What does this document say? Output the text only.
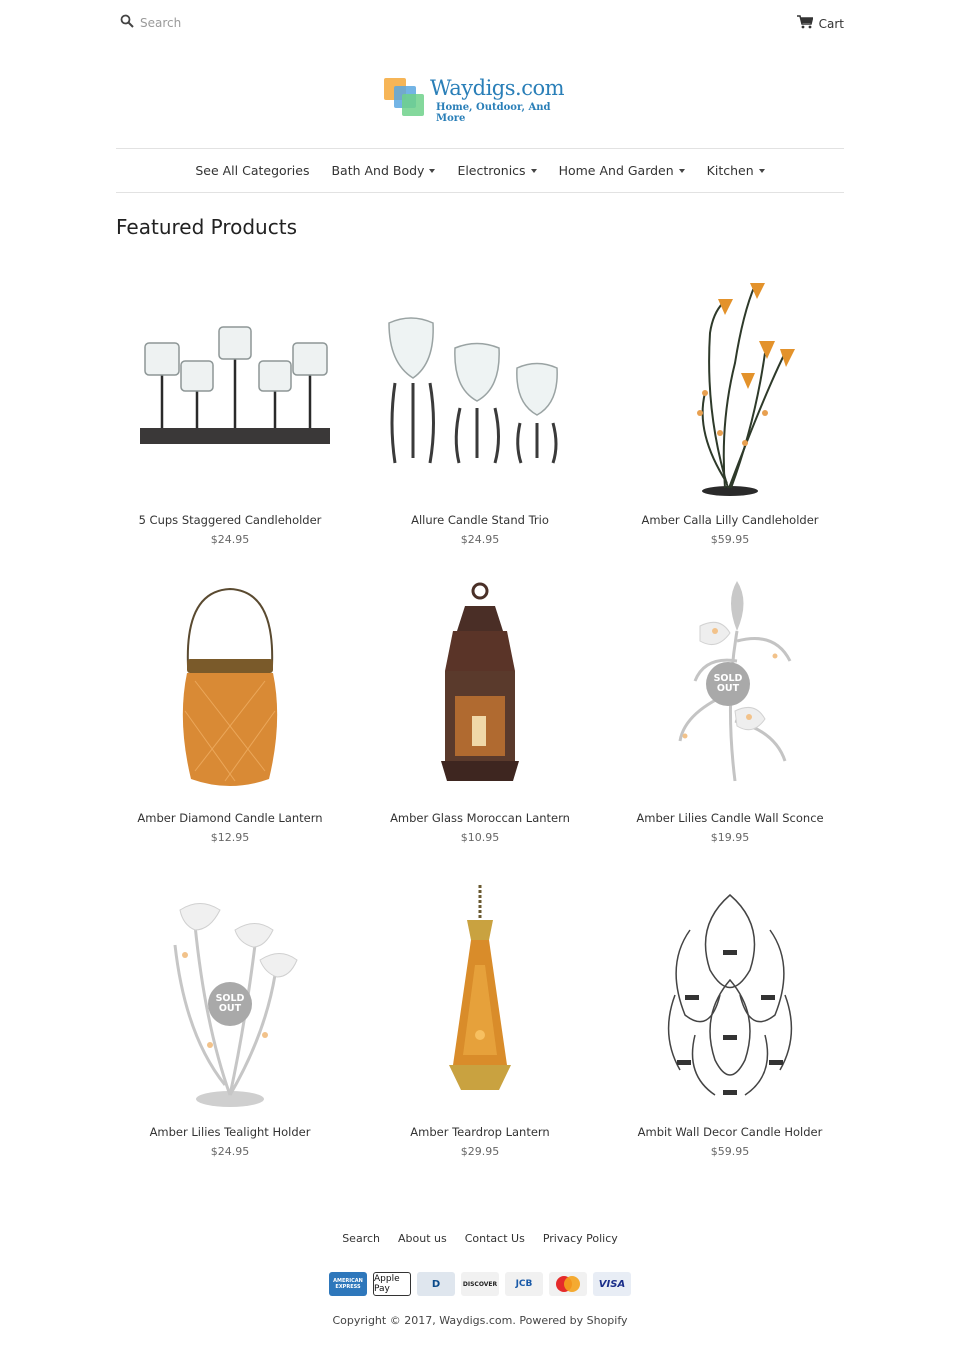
Search
Cart
Waydigs.com
Home, Outdoor, And More
See All Categories Bath And Body	Electronics	Home And Garden	Kitchen
Featured Products
5 Cups Staggered Candleholder
$24.95
Allure Candle Stand Trio
$24.95
Amber Calla Lilly Candleholder
$59.95
Amber Diamond Candle Lantern
$12.95
Amber Glass Moroccan Lantern
$10.95
SOLD
OUT
Amber Lilies Candle Wall Sconce
$19.95
SOLD
OUT
Amber Lilies Tealight Holder
$24.95
Amber Teardrop Lantern
$29.95
Ambit Wall Decor Candle Holder
$59.95
Search About us Contact Us Privacy Policy
AMERICAN EXPRESS
Apple Pay	D	DISCOVER	JCB	VISA
Copyright © 2017, Waydigs.com. Powered by Shopify
